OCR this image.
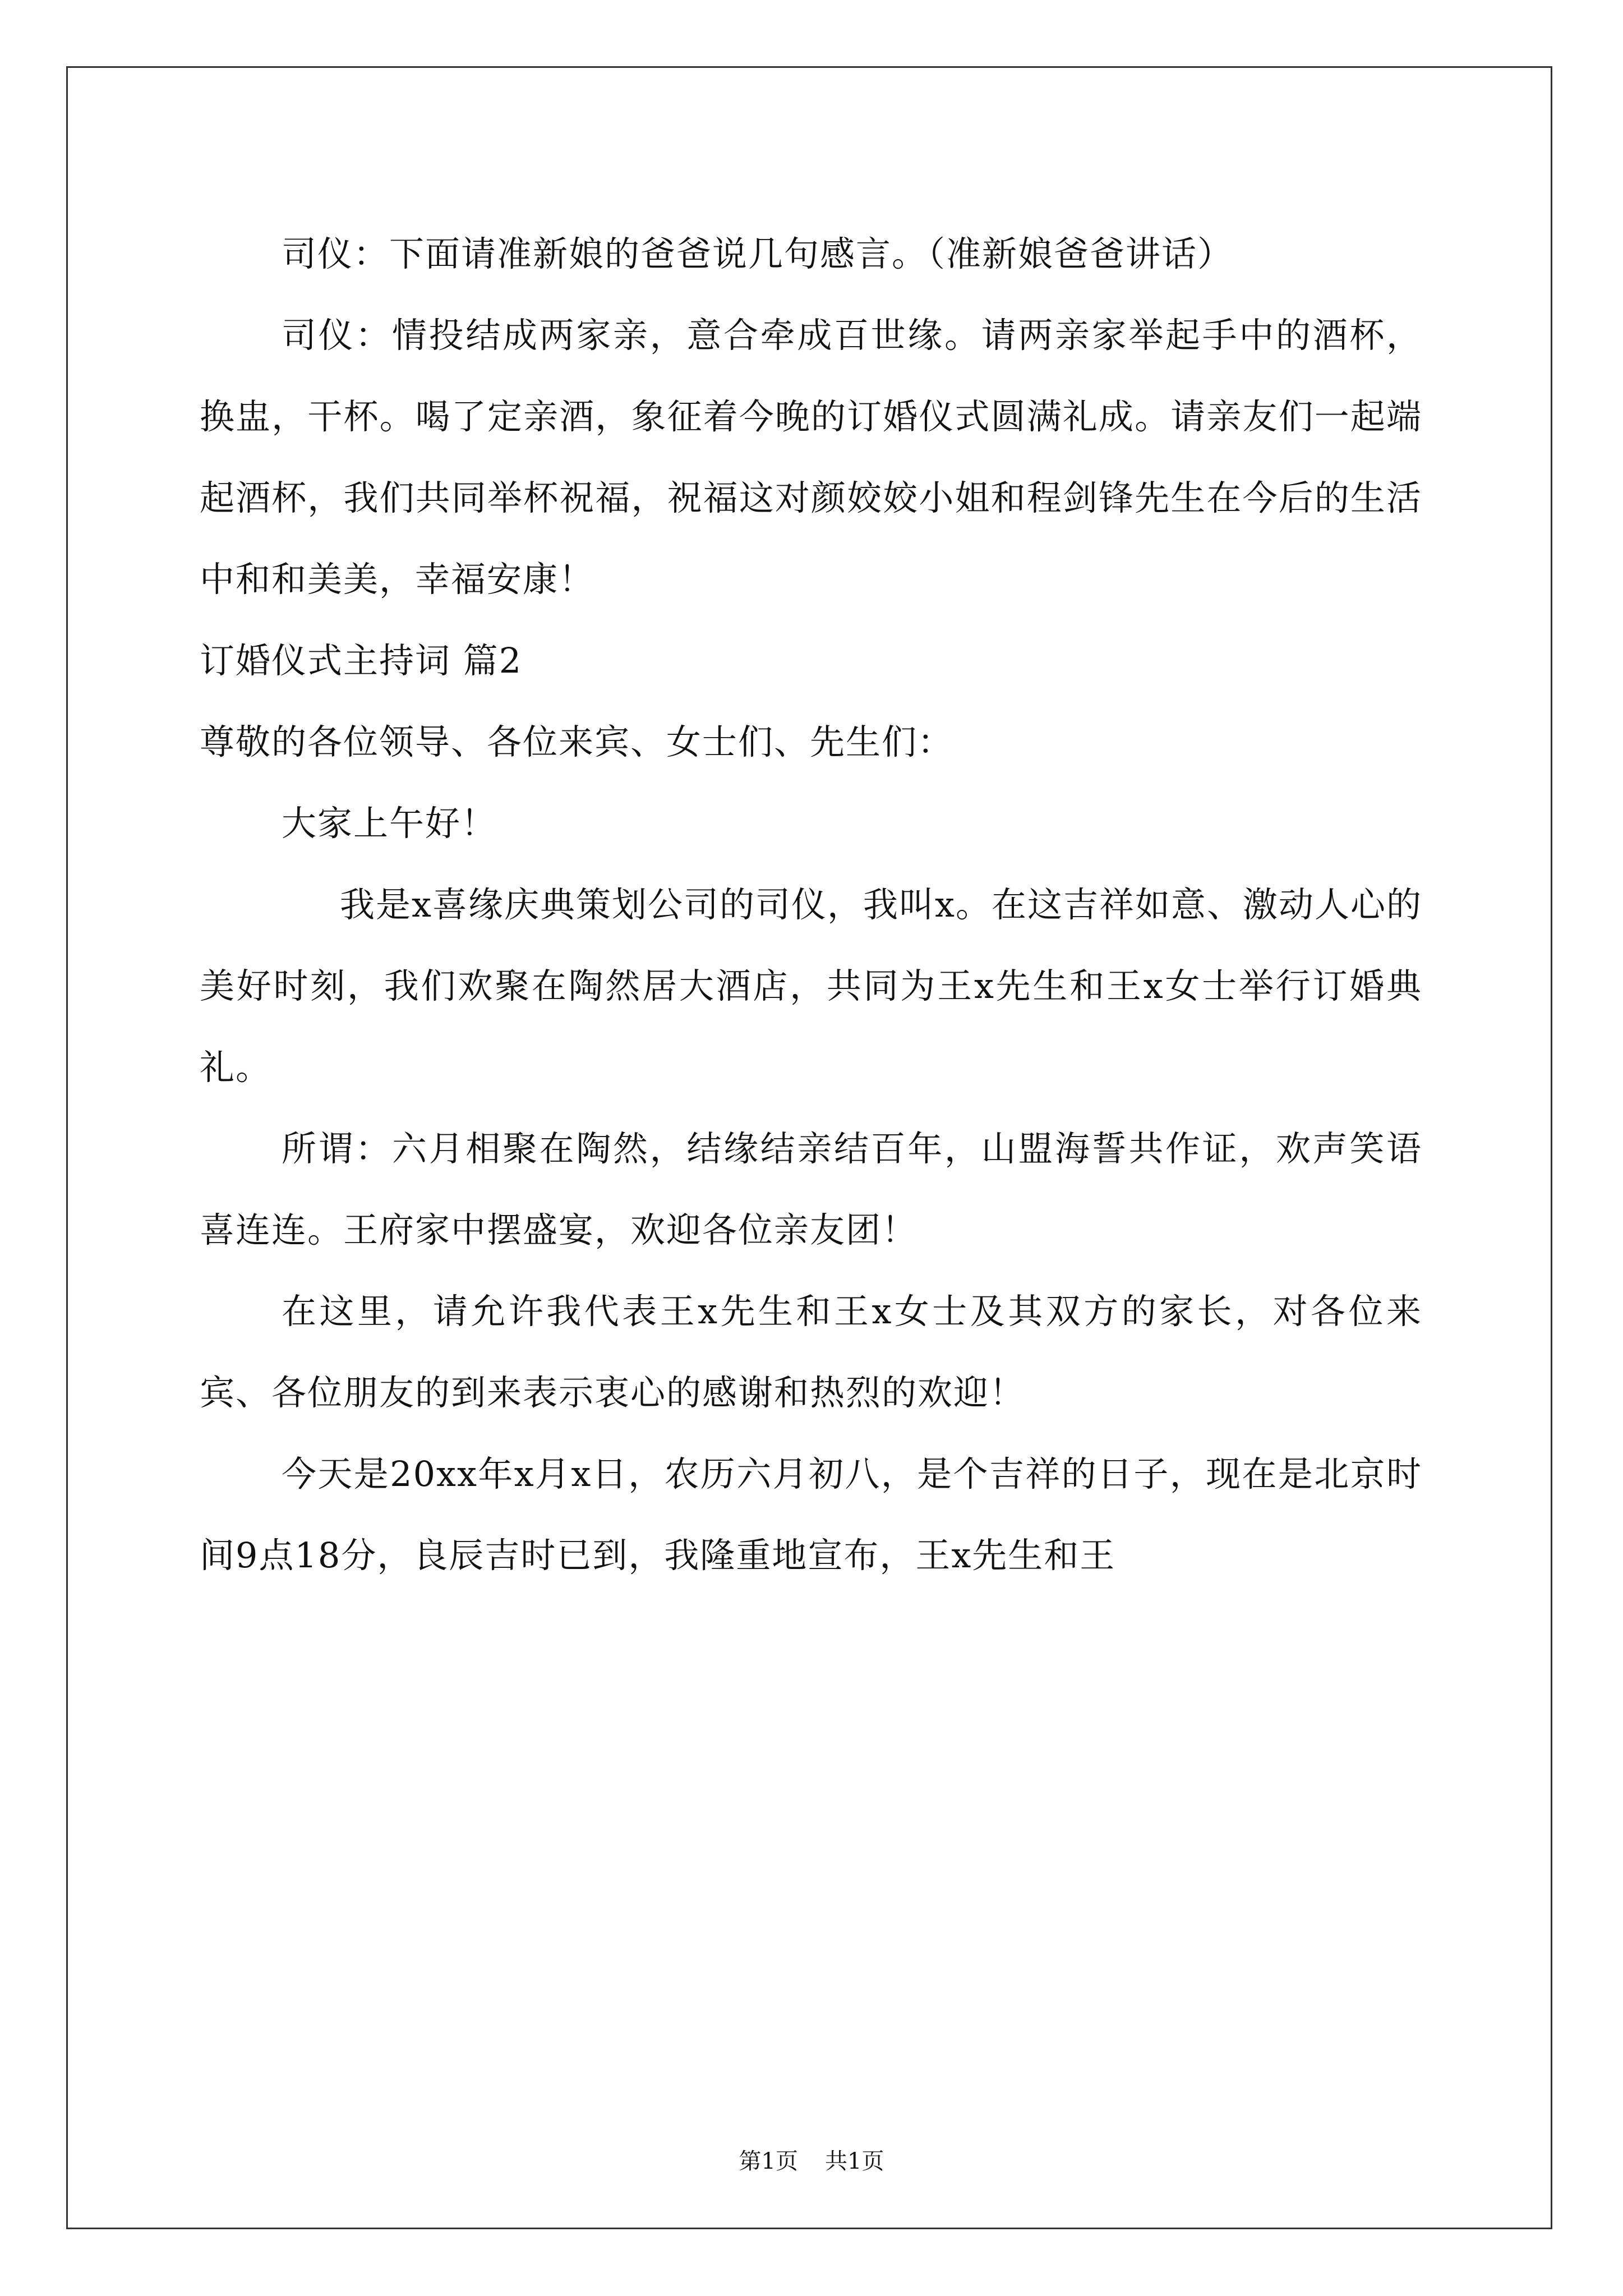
司仪：下面请准新娘的爸爸说几句感言。（准新娘爸爸讲话）

司仪：情投结成两家亲，意合牵成百世缘。请两亲家举起手中的酒杯，换盅，干杯。喝了定亲酒，象征着今晚的订婚仪式圆满礼成。请亲友们一起端起酒杯，我们共同举杯祝福，祝福这对颜姣姣小姐和程剑锋先生在今后的生活中和和美美，幸福安康！

订婚仪式主持词 篇2

尊敬的各位领导、各位来宾、女士们、先生们：

大家上午好！

我是x喜缘庆典策划公司的司仪，我叫x。在这吉祥如意、激动人心的美好时刻，我们欢聚在陶然居大酒店，共同为王x先生和王x女士举行订婚典礼。

所谓：六月相聚在陶然，结缘结亲结百年，山盟海誓共作证，欢声笑语喜连连。王府家中摆盛宴，欢迎各位亲友团！

在这里，请允许我代表王x先生和王x女士及其双方的家长，对各位来宾、各位朋友的到来表示衷心的感谢和热烈的欢迎！

今天是20xx年x月x日，农历六月初八，是个吉祥的日子，现在是北京时间9点18分，良辰吉时已到，我隆重地宣布，王x先生和王

第1页 共1页
